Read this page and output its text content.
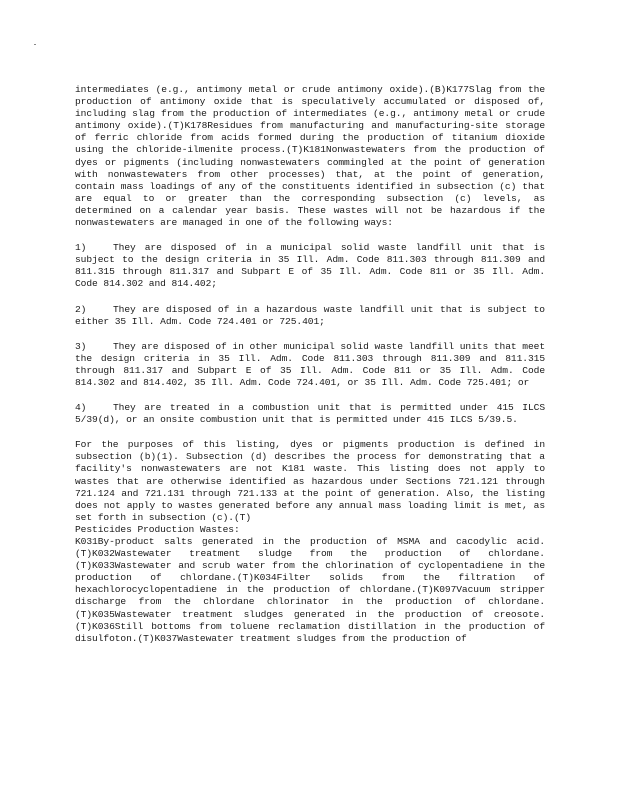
intermediates (e.g., antimony metal or crude antimony oxide).(B)K177Slag from the production of antimony oxide that is speculatively accumulated or disposed of, including slag from the production of intermediates (e.g., antimony metal or crude antimony oxide).(T)K178Residues from manufacturing and manufacturing-site storage of ferric chloride from acids formed during the production of titanium dioxide using the chloride-ilmenite process.(T)K181Nonwastewaters from the production of dyes or pigments (including nonwastewaters commingled at the point of generation with nonwastewaters from other processes) that, at the point of generation, contain mass loadings of any of the constituents identified in subsection (c) that are equal to or greater than the corresponding subsection (c) levels, as determined on a calendar year basis. These wastes will not be hazardous if the nonwastewaters are managed in one of the following ways:

1)	They are disposed of in a municipal solid waste landfill unit that is subject to the design criteria in 35 Ill. Adm. Code 811.303 through 811.309 and 811.315 through 811.317 and Subpart E of 35 Ill. Adm. Code 811 or 35 Ill. Adm. Code 814.302 and 814.402;

2)	They are disposed of in a hazardous waste landfill unit that is subject to either 35 Ill. Adm. Code 724.401 or 725.401;

3)	They are disposed of in other municipal solid waste landfill units that meet the design criteria in 35 Ill. Adm. Code 811.303 through 811.309 and 811.315 through 811.317 and Subpart E of 35 Ill. Adm. Code 811 or 35 Ill. Adm. Code 814.302 and 814.402, 35 Ill. Adm. Code 724.401, or 35 Ill. Adm. Code 725.401; or

4)	They are treated in a combustion unit that is permitted under 415 ILCS 5/39(d), or an onsite combustion unit that is permitted under 415 ILCS 5/39.5.

For the purposes of this listing, dyes or pigments production is defined in subsection (b)(1). Subsection (d) describes the process for demonstrating that a facility's nonwastewaters are not K181 waste. This listing does not apply to wastes that are otherwise identified as hazardous under Sections 721.121 through 721.124 and 721.131 through 721.133 at the point of generation. Also, the listing does not apply to wastes generated before any annual mass loading limit is met, as set forth in subsection (c).(T)

Pesticides Production Wastes:

K031By-product salts generated in the production of MSMA and cacodylic acid.(T)K032Wastewater treatment sludge from the production of chlordane.(T)K033Wastewater and scrub water from the chlorination of cyclopentadiene in the production of chlordane.(T)K034Filter solids from the filtration of hexachlorocyclopentadiene in the production of chlordane.(T)K097Vacuum stripper discharge from the chlordane chlorinator in the production of chlordane.(T)K035Wastewater treatment sludges generated in the production of creosote.(T)K036Still bottoms from toluene reclamation distillation in the production of disulfoton.(T)K037Wastewater treatment sludges from the production of
